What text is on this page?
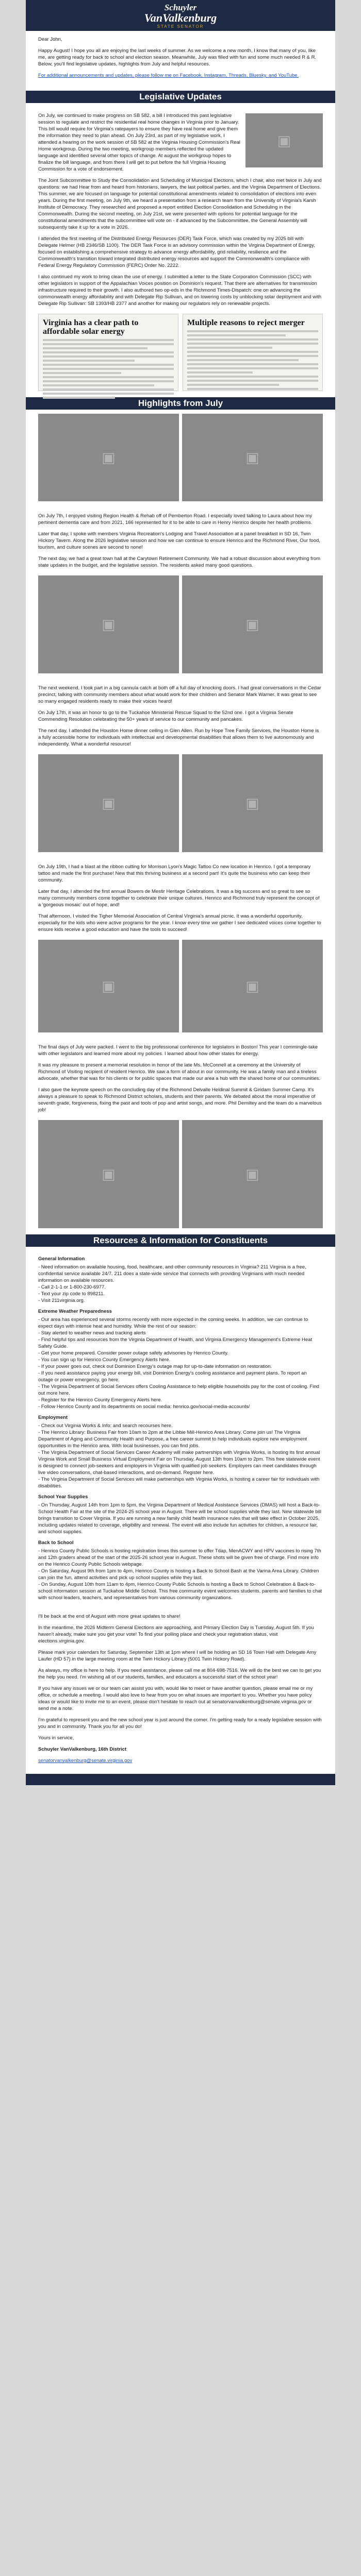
Schuyler
VanValkenburg
STATE SENATOR

Dear John,

Happy August! I hope you all are enjoying the last weeks of summer. As we welcome a new month, I know that many of you, like me, are getting ready for back to school and election season. Meanwhile, July was filled with fun and some much needed R & R. Below, you'll find legislative updates, highlights from July and helpful resources.

For additional announcements and updates, please follow me on Facebook, Instagram, Threads, Bluesky, and YouTube.

Legislative Updates
▣

On July, we continued to make progress on SB 582, a bill I introduced this past legislative session to regulate and restrict the residential real home changes in Virginia prior to January. This bill would require for Virginia's ratepayers to ensure they have real home and give them the information they need to plan ahead. On July 23rd, as part of my legislative work, I attended a hearing on the work session of SB 582 at the Virginia Housing Commission's Real Home workgroup. During the two meeting, workgroup members reflected the updated language and identified several other topics of change. At august the workgroup hopes to finalize the bill language, and from there I will get to put before the full Virginia Housing Commission for a vote of endorsement.

The Joint Subcommittee to Study the Consolidation and Scheduling of Municipal Elections, which I chair, also met twice in July and questions: we had Hear from and heard from historians, lawyers, the last political parties, and the Virginia Department of Elections. This summer, we are focused on language for potential constitutional amendments related to consolidation of elections into even years. During the first meeting, on July 9th, we heard a presentation from a research team from the University of Virginia's Karsh Institute of Democracy. They researched and proposed a report entitled Election Consolidation and Scheduling in the Commonwealth. During the second meeting, on July 21st, we were presented with options for potential language for the constitutional amendments that the subcommittee will vote on - if advanced by the Subcommittee, the General Assembly will subsequently take it up for a vote in 2026.

I attended the first meeting of the Distributed Energy Resources (DER) Task Force, which was created by my 2025 bill with Delegate Helmer (HB 2346/SB 1100). The DER Task Force is an advisory commission within the Virginia Department of Energy, focused on establishing a comprehensive strategy to advance energy affordability, grid reliability, resilience and the Commonwealth's transition toward integrated distributed energy resources and support the Commonwealth's compliance with Federal Energy Regulatory Commission (FERC) Order No. 2222.

I also continued my work to bring clean the use of energy. I submitted a letter to the State Corporation Commission (SCC) with other legislators in support of the Appalachian Voices position on Dominion's request. That there are alternatives for transmission infrastructure required to their growth. I also authored two op-eds in the Richmond Times-Dispatch: one on advancing the commonwealth energy affordability and with Delegate Rip Sullivan, and on lowering costs by unblocking solar deployment and with Delegate Rip Sullivan: SB 1393/HB 2377 and another for making our regulators rely on renewable projects.

Virginia has a clear path to affordable solar energy
Multiple reasons to reject merger
Highlights from July
▣	▣

On July 7th, I enjoyed visiting Region Health & Rehab off of Pemberton Road. I especially loved talking to Laura about how my pertinent dementia care and from 2021, 166 represented for it to be able to care in Henry Henrico despite her health problems.

Later that day, I spoke with members Virginia Recreation's Lodging and Travel Association at a panel breakfast in SD 16, Twin Hickory Tavern. Along the 2026 legislative session and how we can continue to ensure Henrico and the Richmond River, Our food, tourism, and culture scenes are second to none!

The next day, we had a great town hall at the Carytown Retirement Community. We had a robust discussion about everything from state updates in the budget, and the legislative session. The residents asked many good questions.

▣	▣

The next weekend, I took part in a big cannula catch at both off a full day of knocking doors. I had great conversations in the Cedar precinct, talking with community members about what would work for their children and Senator Mark Warner. It was great to see so many engaged residents ready to make their voices heard!

On July 17th, it was an honor to go to the Tuckahoe Ministerial Rescue Squad to the 52nd one. I got a Virginia Senate Commending Resolution celebrating the 50+ years of service to our community and pancakes.

The next day, I attended the Houston Home dinner ceiling in Glen Allen. Run by Hope Tree Family Services, the Houston Home is a fully accessible home for individuals with intellectual and developmental disabilities that allows them to live autonomously and independently. What a wonderful resource!

▣	▣

On July 19th, I had a blast at the ribbon cutting for Morrison Lyon's Magic Tattoo Co new location in Henrico. I got a temporary tattoo and made the first purchase! New that this thriving business at a second part! It's quite the business who can keep their community.

Later that day, I attended the first annual Bowers de Mestir Heritage Celebrations. It was a big success and so great to see so many community members come together to celebrate their unique cultures. Henrico and Richmond truly represent the concept of a 'gorgeous mosaic' out of hope, and!

That afternoon, I visited the Tigher Memorial Association of Central Virginia's annual picnic. It was a wonderful opportunity, especially for the kids who were active programs for the year. I know every time we gather I see dedicated voices come together to ensure kids receive a good education and have the tools to succeed!

▣	▣

The final days of July were packed. I went to the big professional conference for legislators in Boston! This year I commingle-take with other legislators and learned more about my policies. I learned about how other states for energy.

It was my pleasure to present a memorial resolution in honor of the late Ms. McConnell at a ceremony at the University of Richmond of Visiting recipient of resident Henrico. We saw a form of about in our community. He was a family man and a tireless advocate, whether that was for his clients or for public spaces that made our area a hub with the shared home of our communities.

I also gave the keynote speech on the concluding day of the Richmond Delvalle Heldinal Summit & Giridam Summer Camp. It's always a pleasure to speak to Richmond District scholars, students and their parents. We debated about the moral imperative of seventh grade, forgiveness, fixing the past and tools of pop and artist songs, and more. Phil Demiltey and the team do a marvelous job!

▣	▣
Resources & Information for Constituents
General Information

- Need information on available housing, food, healthcare, and other community resources in Virginia? 211 Virginia is a free, confidential service available 24/7. 211 does a state-wide service that connects with providing Virginians with much needed information on available resources.
- Call 2-1-1 or 1-800-230-6977.
- Text your zip code to 898211.
- Visit 211virginia.org.

Extreme Weather Preparedness

- Our area has experienced several storms recently with more expected in the coming weeks. In addition, we can continue to expect days with intense heat and humidity. While the rest of our season:
- Stay alerted to weather news and tracking alerts
- Find helpful tips and resources from the Virginia Department of Health, and Virginia Emergency Management's Extreme Heat Safety Guide.
- Get your home prepared. Consider power outage safety advisories by Henrico County.
- You can sign up for Henrico County Emergency Alerts here.
- If your power goes out, check out Dominion Energy's outage map for up-to-date information on restoration.
- If you need assistance paying your energy bill, visit Dominion Energy's cooling assistance and payment plans. To report an outage or power emergency, go here.
- The Virginia Department of Social Services offers Cooling Assistance to help eligible households pay for the cost of cooling. Find out more here.
- Register for the Henrico County Emergency Alerts here.
- Follow Henrico County and its departments on social media: henrico.gov/social-media-accounts/

Employment

- Check out Virginia Works & Info: and search recourses here.
- The Henrico Library: Business Fair from 10am to 2pm at the Libbie Mill-Henrico Area Library. Come join us! The Virginia Department of Aging and Community Health and Purpose, a free career summit to help individuals explore new employment opportunities in the Henrico area. With local businesses, you can find jobs.
- The Virginia Department of Social Services Career Academy will make partnerships with Virginia Works, is hosting its first annual Virginia Work and Small Business Virtual Employment Fair on Thursday, August 13th from 10am to 2pm. This free statewide event is designed to connect job-seekers and employers in Virginia with qualified job seekers. Employers can meet candidates through live video conversations, chat-based interactions, and on-demand. Register here.
- The Virginia Department of Social Services will make partnerships with Virginia Works, is hosting a career fair for individuals with disabilities.

School Year Supplies

- On Thursday, August 14th from 1pm to 5pm, the Virginia Department of Medical Assistance Services (DMAS) will host a Back-to-School Health Fair at the site of the 2024-25 school year in August. There will be school supplies while they last. New statewide bill brings transition to Cover Virginia. If you are running a new family child health insurance rules that will take effect in October 2025, including updates related to coverage, eligibility and renewal. The event will also include fun activities for children, a resource fair, and school supplies.

Back to School

- Henrico County Public Schools is hosting registration times this summer to offer Tdap, MenACWY and HPV vaccines to rising 7th and 12th graders ahead of the start of the 2025-26 school year in August. These shots will be given free of charge. Find more info on the Henrico County Public Schools webpage.
- On Saturday, August 9th from 1pm to 4pm, Henrico County is hosting a Back to School Bash at the Varina Area Library. Children can join the fun, attend activities and pick up school supplies while they last.
- On Sunday, August 10th from 11am to 4pm, Henrico County Public Schools is hosting a Back to School Celebration & Back-to-school information session at Tuckahoe Middle School. This free community event welcomes students, parents and families to chat with school leaders, teachers, and representatives from various community organizations.

I'll be back at the end of August with more great updates to share!

In the meantime, the 2026 Midterm General Elections are approaching, and Primary Election Day is Tuesday, August 5th. If you haven't already, make sure you get your vote! To find your polling place and check your registration status, visit elections.virginia.gov.

Please mark your calendars for Saturday, September 13th at 1pm where I will be holding an SD 16 Town Hall with Delegate Amy Laufer (HD 57) in the large meeting room at the Twin Hickory Library (5001 Twin Hickory Road).

As always, my office is here to help. If you need assistance, please call me at 804-698-7516. We will do the best we can to get you the help you need. I'm wishing all of our students, families, and educators a successful start of the school year!

If you have any issues we or our team can assist you with, would like to meet or have another question, please email me or my office, or schedule a meeting. I would also love to hear from you on what issues are important to you. Whether you have policy ideas or would like to invite me to an event, please don't hesitate to reach out at senatorvanvalkenburg@senate.virginia.gov or send me a note.

I'm grateful to represent you and the new school year is just around the corner. I'm getting ready for a ready legislative session with you and in community. Thank you for all you do!

Yours in service,

Schuyler VanValkenburg, 16th District

senatorvanvalkenburg@senate.virginia.gov
